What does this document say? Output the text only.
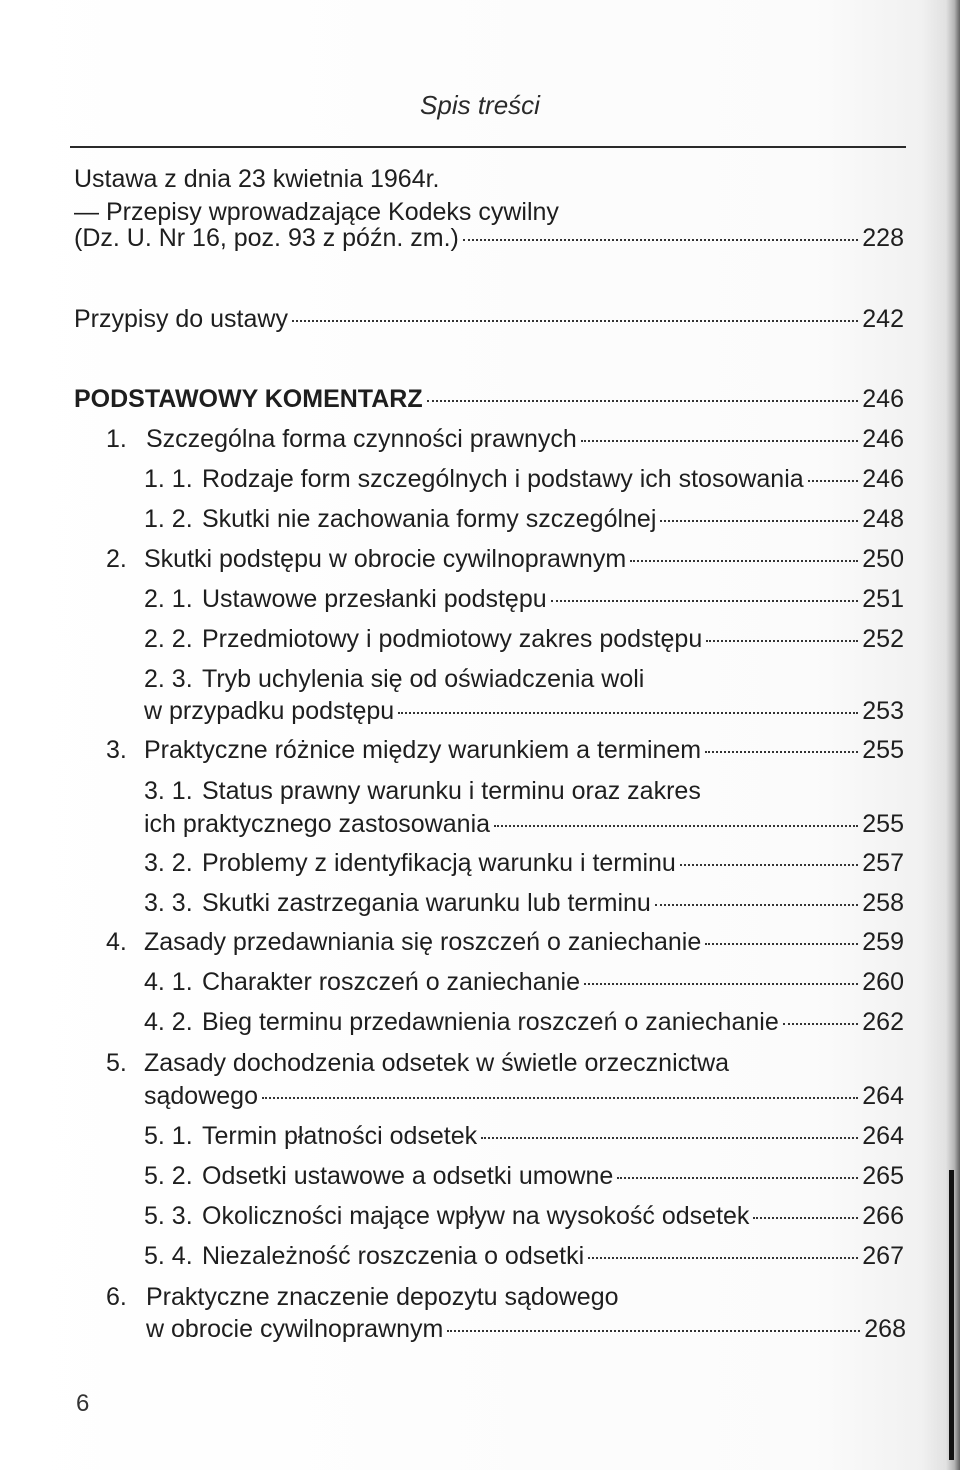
Spis treści
Ustawa z dnia 23 kwietnia 1964r.
— Przepisy wprowadzające Kodeks cywilny
(Dz. U. Nr 16, poz. 93 z późn. zm.)	228
Przypisy do ustawy	242
PODSTAWOWY KOMENTARZ	246
1. Szczególna forma czynności prawnych	246
1. 1. Rodzaje form szczególnych i podstawy ich stosowania 246
1. 2. Skutki nie zachowania formy szczególnej	248
2. Skutki podstępu w obrocie cywilnoprawnym	250
2. 1. Ustawowe przesłanki podstępu	251
2. 2. Przedmiotowy i podmiotowy zakres podstępu	252
2. 3. Tryb uchylenia się od oświadczenia woli
w przypadku podstępu	253
3. Praktyczne różnice między warunkiem a terminem	255
3. 1. Status prawny warunku i terminu oraz zakres
ich praktycznego zastosowania	255
3. 2. Problemy z identyfikacją warunku i terminu	257
3. 3. Skutki zastrzegania warunku lub terminu	258
4. Zasady przedawniania się roszczeń o zaniechanie	259
4. 1. Charakter roszczeń o zaniechanie	260
4. 2. Bieg terminu przedawnienia roszczeń o zaniechanie	262
5. Zasady dochodzenia odsetek w świetle orzecznictwa
sądowego	264
5. 1. Termin płatności odsetek	264
5. 2. Odsetki ustawowe a odsetki umowne	265
5. 3. Okoliczności mające wpływ na wysokość odsetek	266
5. 4. Niezależność roszczenia o odsetki	267
6. Praktyczne znaczenie depozytu sądowego
w obrocie cywilnoprawnym	268
6
